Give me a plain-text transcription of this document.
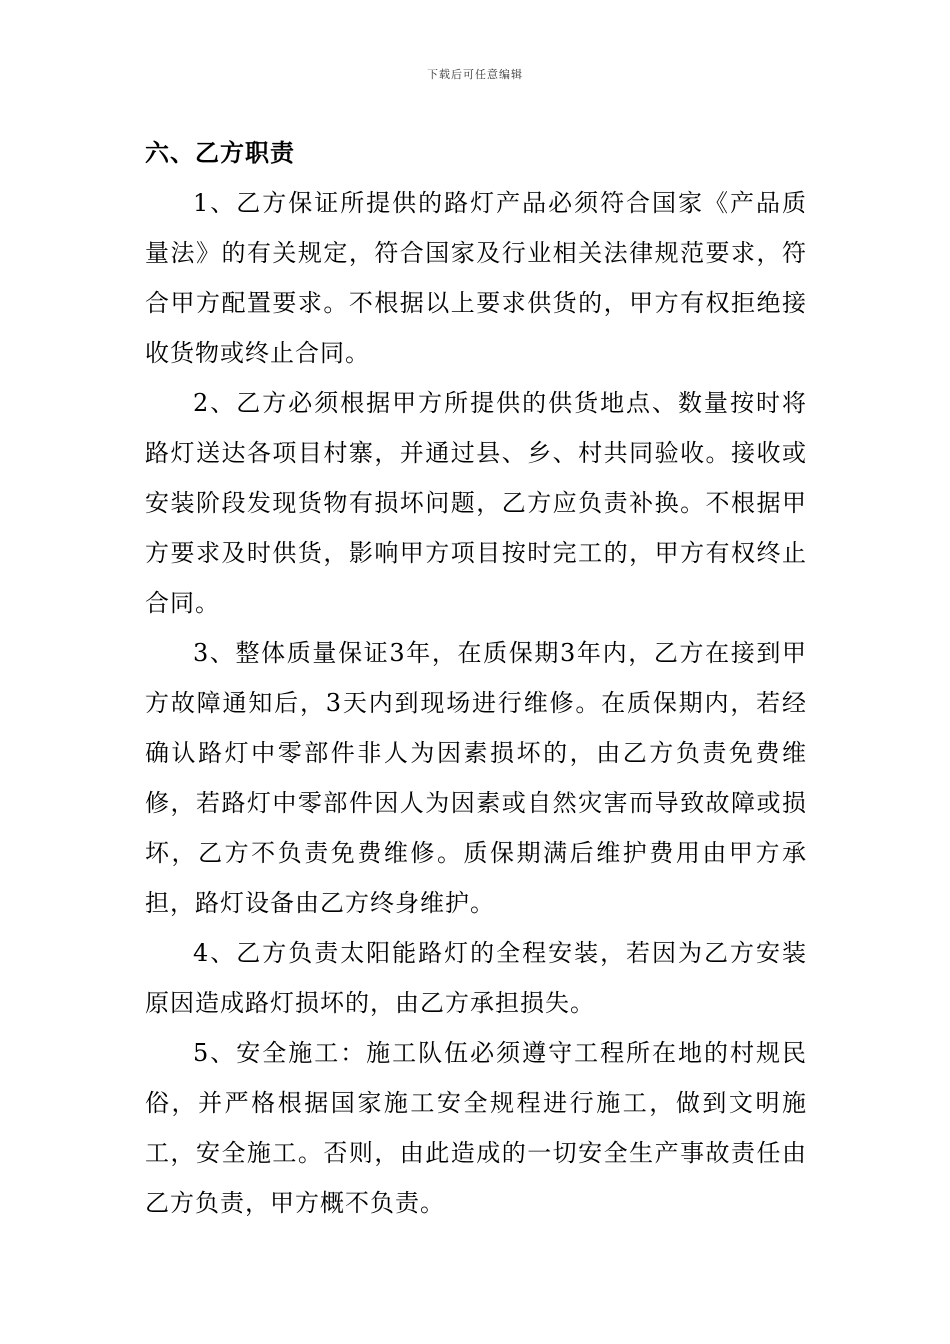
下载后可任意编辑
六、乙方职责

1、乙方保证所提供的路灯产品必须符合国家《产品质量法》的有关规定，符合国家及行业相关法律规范要求，符合甲方配置要求。不根据以上要求供货的，甲方有权拒绝接收货物或终止合同。

2、乙方必须根据甲方所提供的供货地点、数量按时将路灯送达各项目村寨，并通过县、乡、村共同验收。接收或安装阶段发现货物有损坏问题，乙方应负责补换。不根据甲方要求及时供货，影响甲方项目按时完工的，甲方有权终止合同。

3、整体质量保证3年，在质保期3年内，乙方在接到甲方故障通知后，3天内到现场进行维修。在质保期内，若经确认路灯中零部件非人为因素损坏的，由乙方负责免费维修，若路灯中零部件因人为因素或自然灾害而导致故障或损坏，乙方不负责免费维修。质保期满后维护费用由甲方承担，路灯设备由乙方终身维护。

4、乙方负责太阳能路灯的全程安装，若因为乙方安装原因造成路灯损坏的，由乙方承担损失。

5、安全施工：施工队伍必须遵守工程所在地的村规民俗，并严格根据国家施工安全规程进行施工，做到文明施工，安全施工。否则，由此造成的一切安全生产事故责任由乙方负责，甲方概不负责。
